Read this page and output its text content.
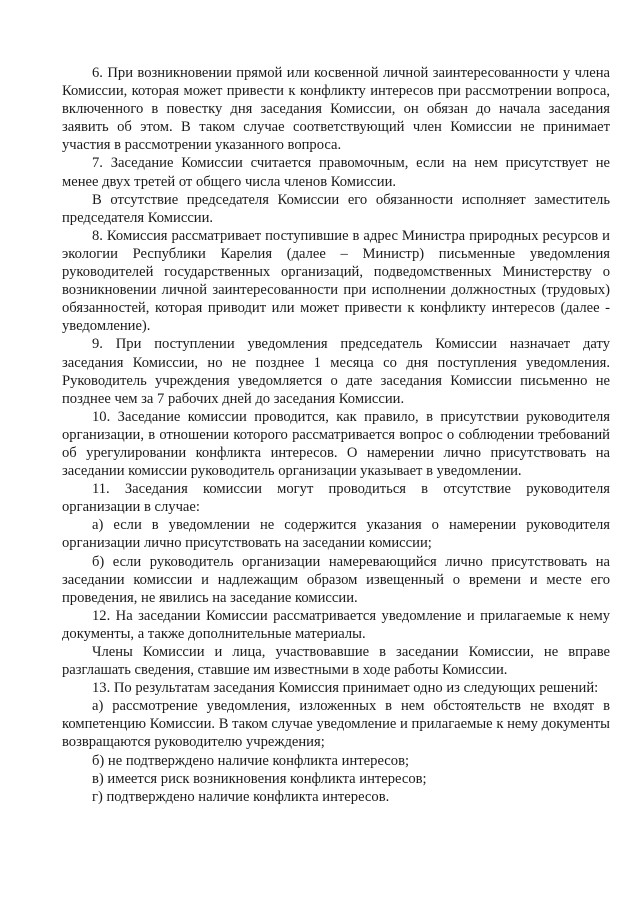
6. При возникновении прямой или косвенной личной заинтересованности у члена Комиссии, которая может привести к конфликту интересов при рассмотрении вопроса, включенного в повестку дня заседания Комиссии, он обязан до начала заседания заявить об этом. В таком случае соответствующий член Комиссии не принимает участия в рассмотрении указанного вопроса.

7. Заседание Комиссии считается правомочным, если на нем присутствует не менее двух третей от общего числа членов Комиссии.

В отсутствие председателя Комиссии его обязанности исполняет заместитель председателя Комиссии.

8. Комиссия рассматривает поступившие в адрес Министра природных ресурсов и экологии Республики Карелия (далее – Министр) письменные уведомления руководителей государственных организаций, подведомственных Министерству о возникновении личной заинтересованности при исполнении должностных (трудовых) обязанностей, которая приводит или может привести к конфликту интересов (далее - уведомление).

9. При поступлении уведомления председатель Комиссии назначает дату заседания Комиссии, но не позднее 1 месяца со дня поступления уведомления. Руководитель учреждения уведомляется о дате заседания Комиссии письменно не позднее чем за 7 рабочих дней до заседания Комиссии.

10. Заседание комиссии проводится, как правило, в присутствии руководителя организации, в отношении которого рассматривается вопрос о соблюдении требований об урегулировании конфликта интересов. О намерении лично присутствовать на заседании комиссии руководитель организации указывает в уведомлении.

11. Заседания комиссии могут проводиться в отсутствие руководителя организации в случае:

а) если в уведомлении не содержится указания о намерении руководителя организации лично присутствовать на заседании комиссии;

б) если руководитель организации намеревающийся лично присутствовать на заседании комиссии и надлежащим образом извещенный о времени и месте его проведения, не явились на заседание комиссии.

12. На заседании Комиссии рассматривается уведомление и прилагаемые к нему документы, а также дополнительные материалы.

Члены Комиссии и лица, участвовавшие в заседании Комиссии, не вправе разглашать сведения, ставшие им известными в ходе работы Комиссии.

13. По результатам заседания Комиссия принимает одно из следующих решений:

а) рассмотрение уведомления, изложенных в нем обстоятельств не входят в компетенцию Комиссии. В таком случае уведомление и прилагаемые к нему документы возвращаются руководителю учреждения;

б) не подтверждено наличие конфликта интересов;

в) имеется риск возникновения конфликта интересов;

г) подтверждено наличие конфликта интересов.
